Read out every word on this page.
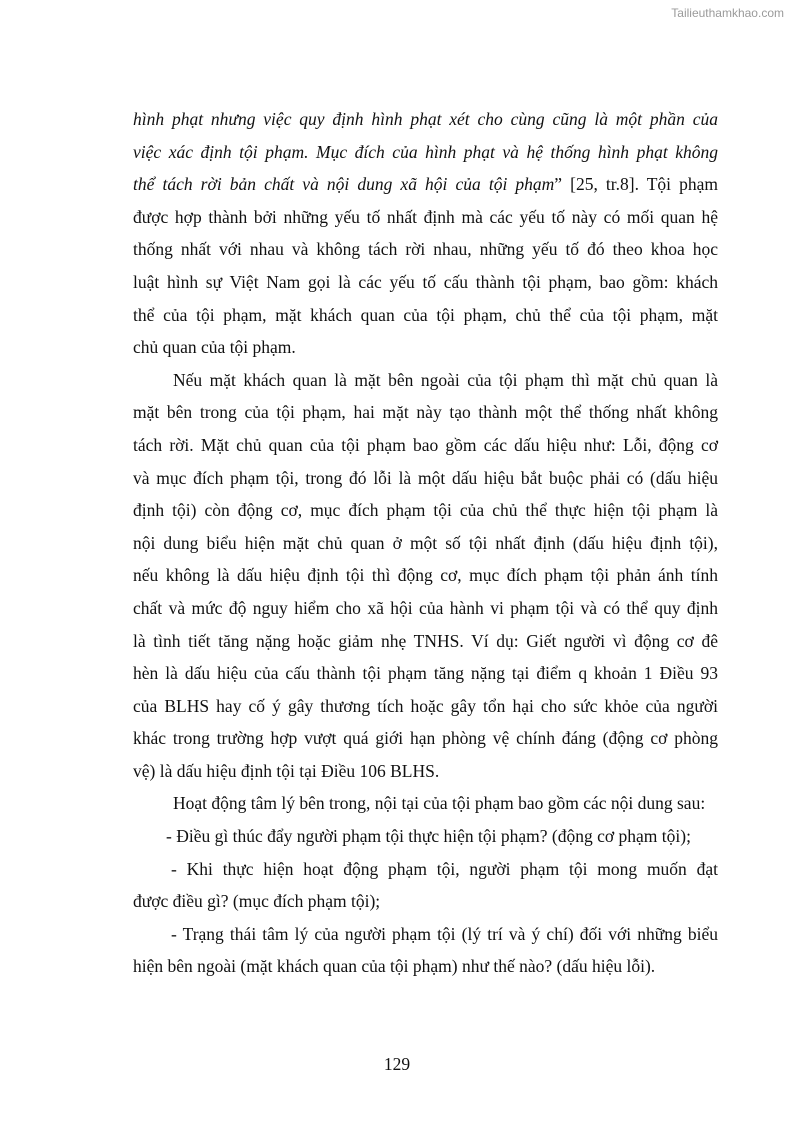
Tailieuthamkhao.com
hình phạt nhưng việc quy định hình phạt xét cho cùng cũng là một phần của
việc xác định tội phạm. Mục đích của hình phạt và hệ thống hình phạt không
thể tách rời bản chất và nội dung xã hội của tội phạm” [25, tr.8]. Tội phạm
được hợp thành bởi những yếu tố nhất định mà các yếu tố này có mối quan hệ
thống nhất với nhau và không tách rời nhau, những yếu tố đó theo khoa học
luật hình sự Việt Nam gọi là các yếu tố cấu thành tội phạm, bao gồm: khách
thể của tội phạm, mặt khách quan của tội phạm, chủ thể của tội phạm, mặt
chủ quan của tội phạm.
Nếu mặt khách quan là mặt bên ngoài của tội phạm thì mặt chủ quan là
mặt bên trong của tội phạm, hai mặt này tạo thành một thể thống nhất không
tách rời. Mặt chủ quan của tội phạm bao gồm các dấu hiệu như: Lỗi, động cơ
và mục đích phạm tội, trong đó lỗi là một dấu hiệu bắt buộc phải có (dấu hiệu
định tội) còn động cơ, mục đích phạm tội của chủ thể thực hiện tội phạm là
nội dung biểu hiện mặt chủ quan ở một số tội nhất định (dấu hiệu định tội),
nếu không là dấu hiệu định tội thì động cơ, mục đích phạm tội phản ánh tính
chất và mức độ nguy hiểm cho xã hội của hành vi phạm tội và có thể quy định
là tình tiết tăng nặng hoặc giảm nhẹ TNHS. Ví dụ: Giết người vì động cơ đê
hèn là dấu hiệu của cấu thành tội phạm tăng nặng tại điểm q khoản 1 Điều 93
của BLHS hay cố ý gây thương tích hoặc gây tổn hại cho sức khỏe của người
khác trong trường hợp vượt quá giới hạn phòng vệ chính đáng (động cơ phòng
vệ) là dấu hiệu định tội tại Điều 106 BLHS.
Hoạt động tâm lý bên trong, nội tại của tội phạm bao gồm các nội dung sau:
- Điều gì thúc đẩy người phạm tội thực hiện tội phạm? (động cơ phạm tội);
- Khi thực hiện hoạt động phạm tội, người phạm tội mong muốn đạt
được điều gì? (mục đích phạm tội);
- Trạng thái tâm lý của người phạm tội (lý trí và ý chí) đối với những biểu
hiện bên ngoài (mặt khách quan của tội phạm) như thế nào? (dấu hiệu lỗi).
129
